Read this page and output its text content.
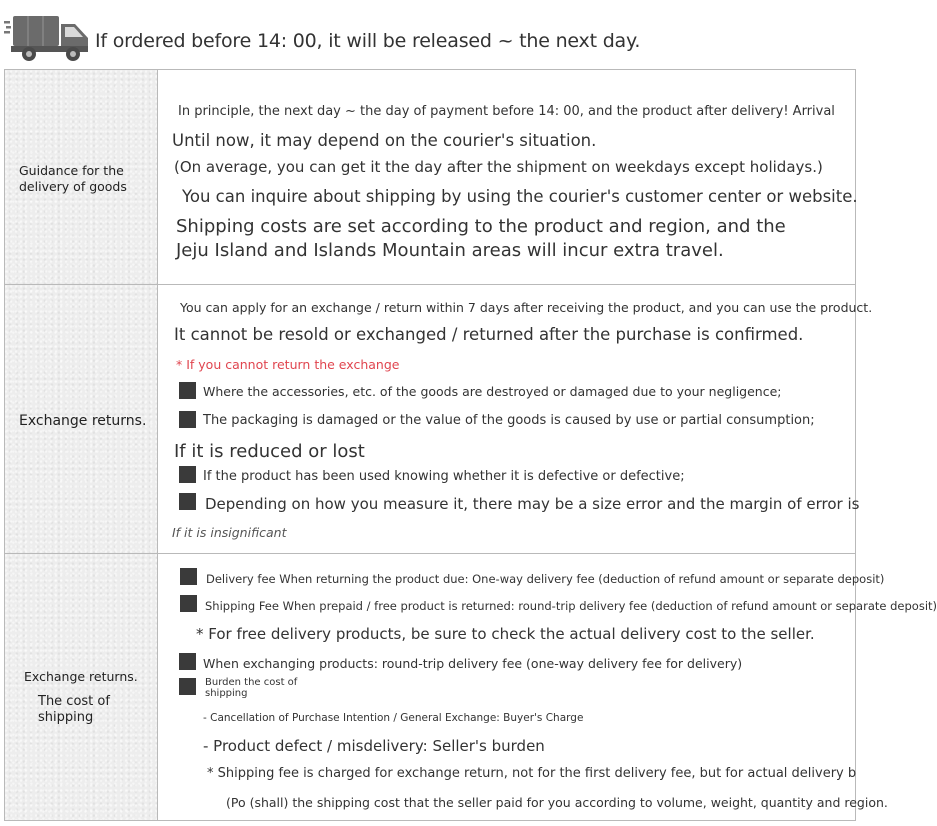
If ordered before 14: 00, it will be released ~ the next day.
Guidance for the delivery of goods
In principle, the next day ~ the day of payment before 14: 00, and the product after delivery! Arrival
Until now, it may depend on the courier's situation.
(On average, you can get it the day after the shipment on weekdays except holidays.)
You can inquire about shipping by using the courier's customer center or website.
Shipping costs are set according to the product and region, and the
Jeju Island and Islands Mountain areas will incur extra travel.
Exchange returns.
You can apply for an exchange / return within 7 days after receiving the product, and you can use the product.
It cannot be resold or exchanged / returned after the purchase is confirmed.
* If you cannot return the exchange
Where the accessories, etc. of the goods are destroyed or damaged due to your negligence;
The packaging is damaged or the value of the goods is caused by use or partial consumption;
If it is reduced or lost
If the product has been used knowing whether it is defective or defective;
Depending on how you measure it, there may be a size error and the margin of error is
If it is insignificant
Exchange returns.
The cost of shipping
Delivery fee When returning the product due: One-way delivery fee (deduction of refund amount or separate deposit)
Shipping Fee When prepaid / free product is returned: round-trip delivery fee (deduction of refund amount or separate deposit)
* For free delivery products, be sure to check the actual delivery cost to the seller.
When exchanging products: round-trip delivery fee (one-way delivery fee for delivery)
Burden the cost of shipping
- Cancellation of Purchase Intention / General Exchange: Buyer's Charge
- Product defect / misdelivery: Seller's burden
* Shipping fee is charged for exchange return, not for the first delivery fee, but for actual delivery b
(Po (shall) the shipping cost that the seller paid for you according to volume, weight, quantity and region.
